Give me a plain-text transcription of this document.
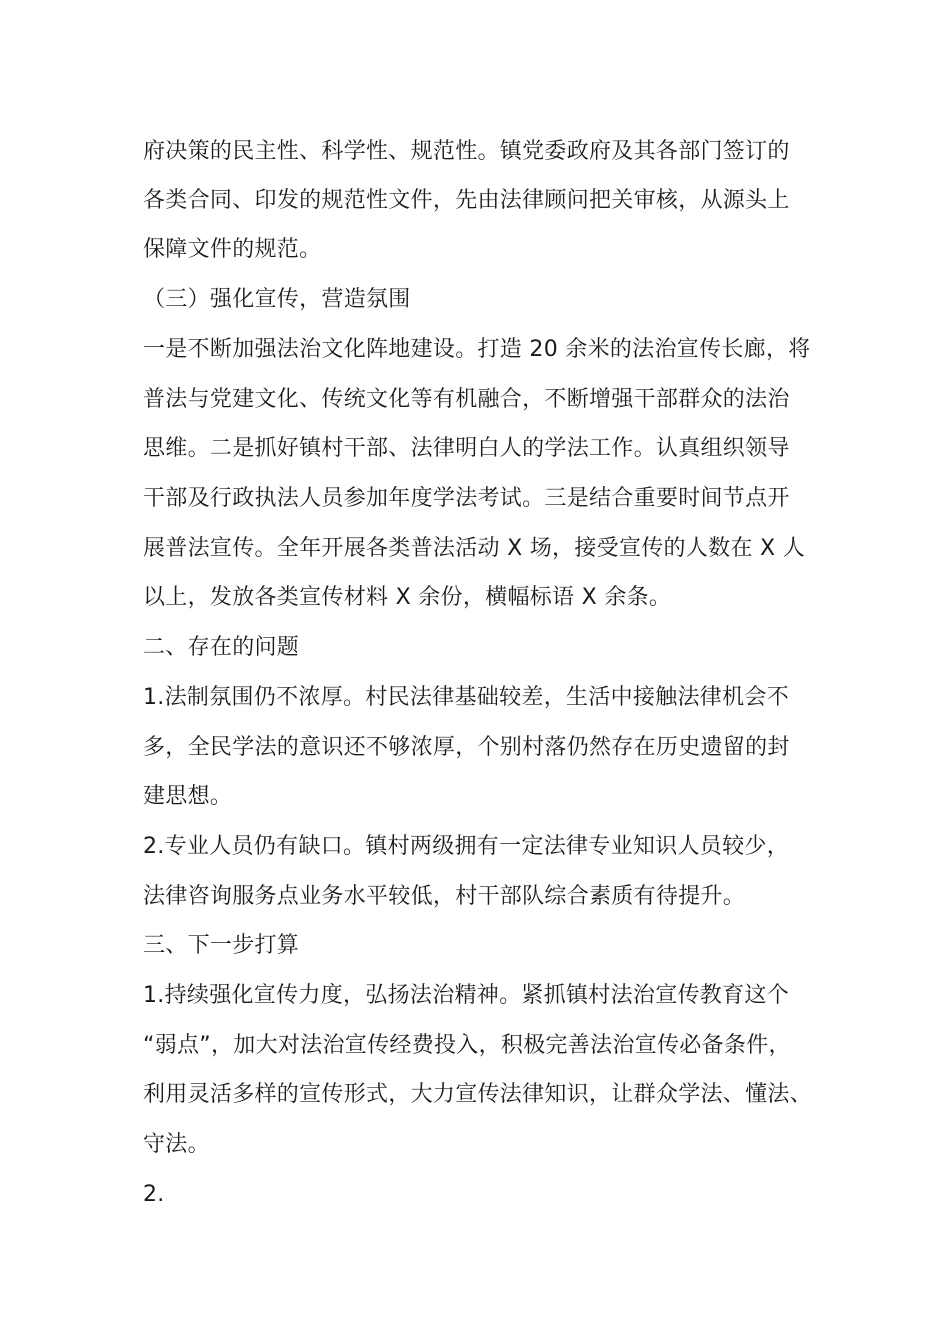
府决策的民主性、科学性、规范性。镇党委政府及其各部门签订的
各类合同、印发的规范性文件，先由法律顾问把关审核，从源头上
保障文件的规范。
（三）强化宣传，营造氛围
一是不断加强法治文化阵地建设。打造 20 余米的法治宣传长廊，将
普法与党建文化、传统文化等有机融合，不断增强干部群众的法治
思维。二是抓好镇村干部、法律明白人的学法工作。认真组织领导
干部及行政执法人员参加年度学法考试。三是结合重要时间节点开
展普法宣传。全年开展各类普法活动 X 场，接受宣传的人数在 X 人
以上，发放各类宣传材料 X 余份，横幅标语 X 余条。
二、存在的问题
1.法制氛围仍不浓厚。村民法律基础较差，生活中接触法律机会不
多，全民学法的意识还不够浓厚，个别村落仍然存在历史遗留的封
建思想。
2.专业人员仍有缺口。镇村两级拥有一定法律专业知识人员较少，
法律咨询服务点业务水平较低，村干部队综合素质有待提升。
三、下一步打算
1.持续强化宣传力度，弘扬法治精神。紧抓镇村法治宣传教育这个
“弱点”，加大对法治宣传经费投入，积极完善法治宣传必备条件，
利用灵活多样的宣传形式，大力宣传法律知识，让群众学法、懂法、
守法。
2.
